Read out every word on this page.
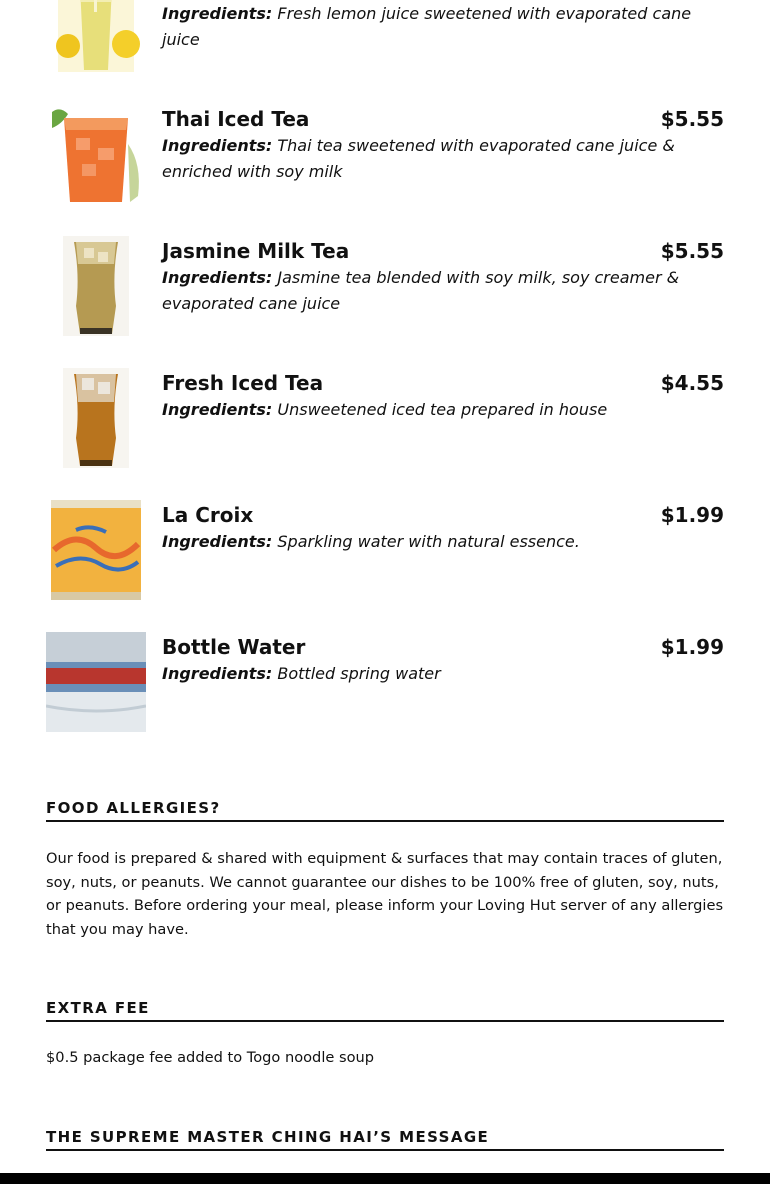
Ingredients: Fresh lemon juice sweetened with evaporated cane juice

Thai Iced Tea	$5.55

Ingredients: Thai tea sweetened with evaporated cane juice & enriched with soy milk

Jasmine Milk Tea	$5.55

Ingredients: Jasmine tea blended with soy milk, soy creamer & evaporated cane juice

Fresh Iced Tea	$4.55

Ingredients: Unsweetened iced tea prepared in house

La Croix	$1.99

Ingredients: Sparkling water with natural essence.

Bottle Water	$1.99

Ingredients: Bottled spring water

FOOD ALLERGIES?

Our food is prepared & shared with equipment & surfaces that may contain traces of gluten, soy, nuts, or peanuts. We cannot guarantee our dishes to be 100% free of gluten, soy, nuts, or peanuts. Before ordering your meal, please inform your Loving Hut server of any allergies that you may have.

EXTRA FEE

$0.5 package fee added to Togo noodle soup

THE SUPREME MASTER CHING HAI’S MESSAGE
